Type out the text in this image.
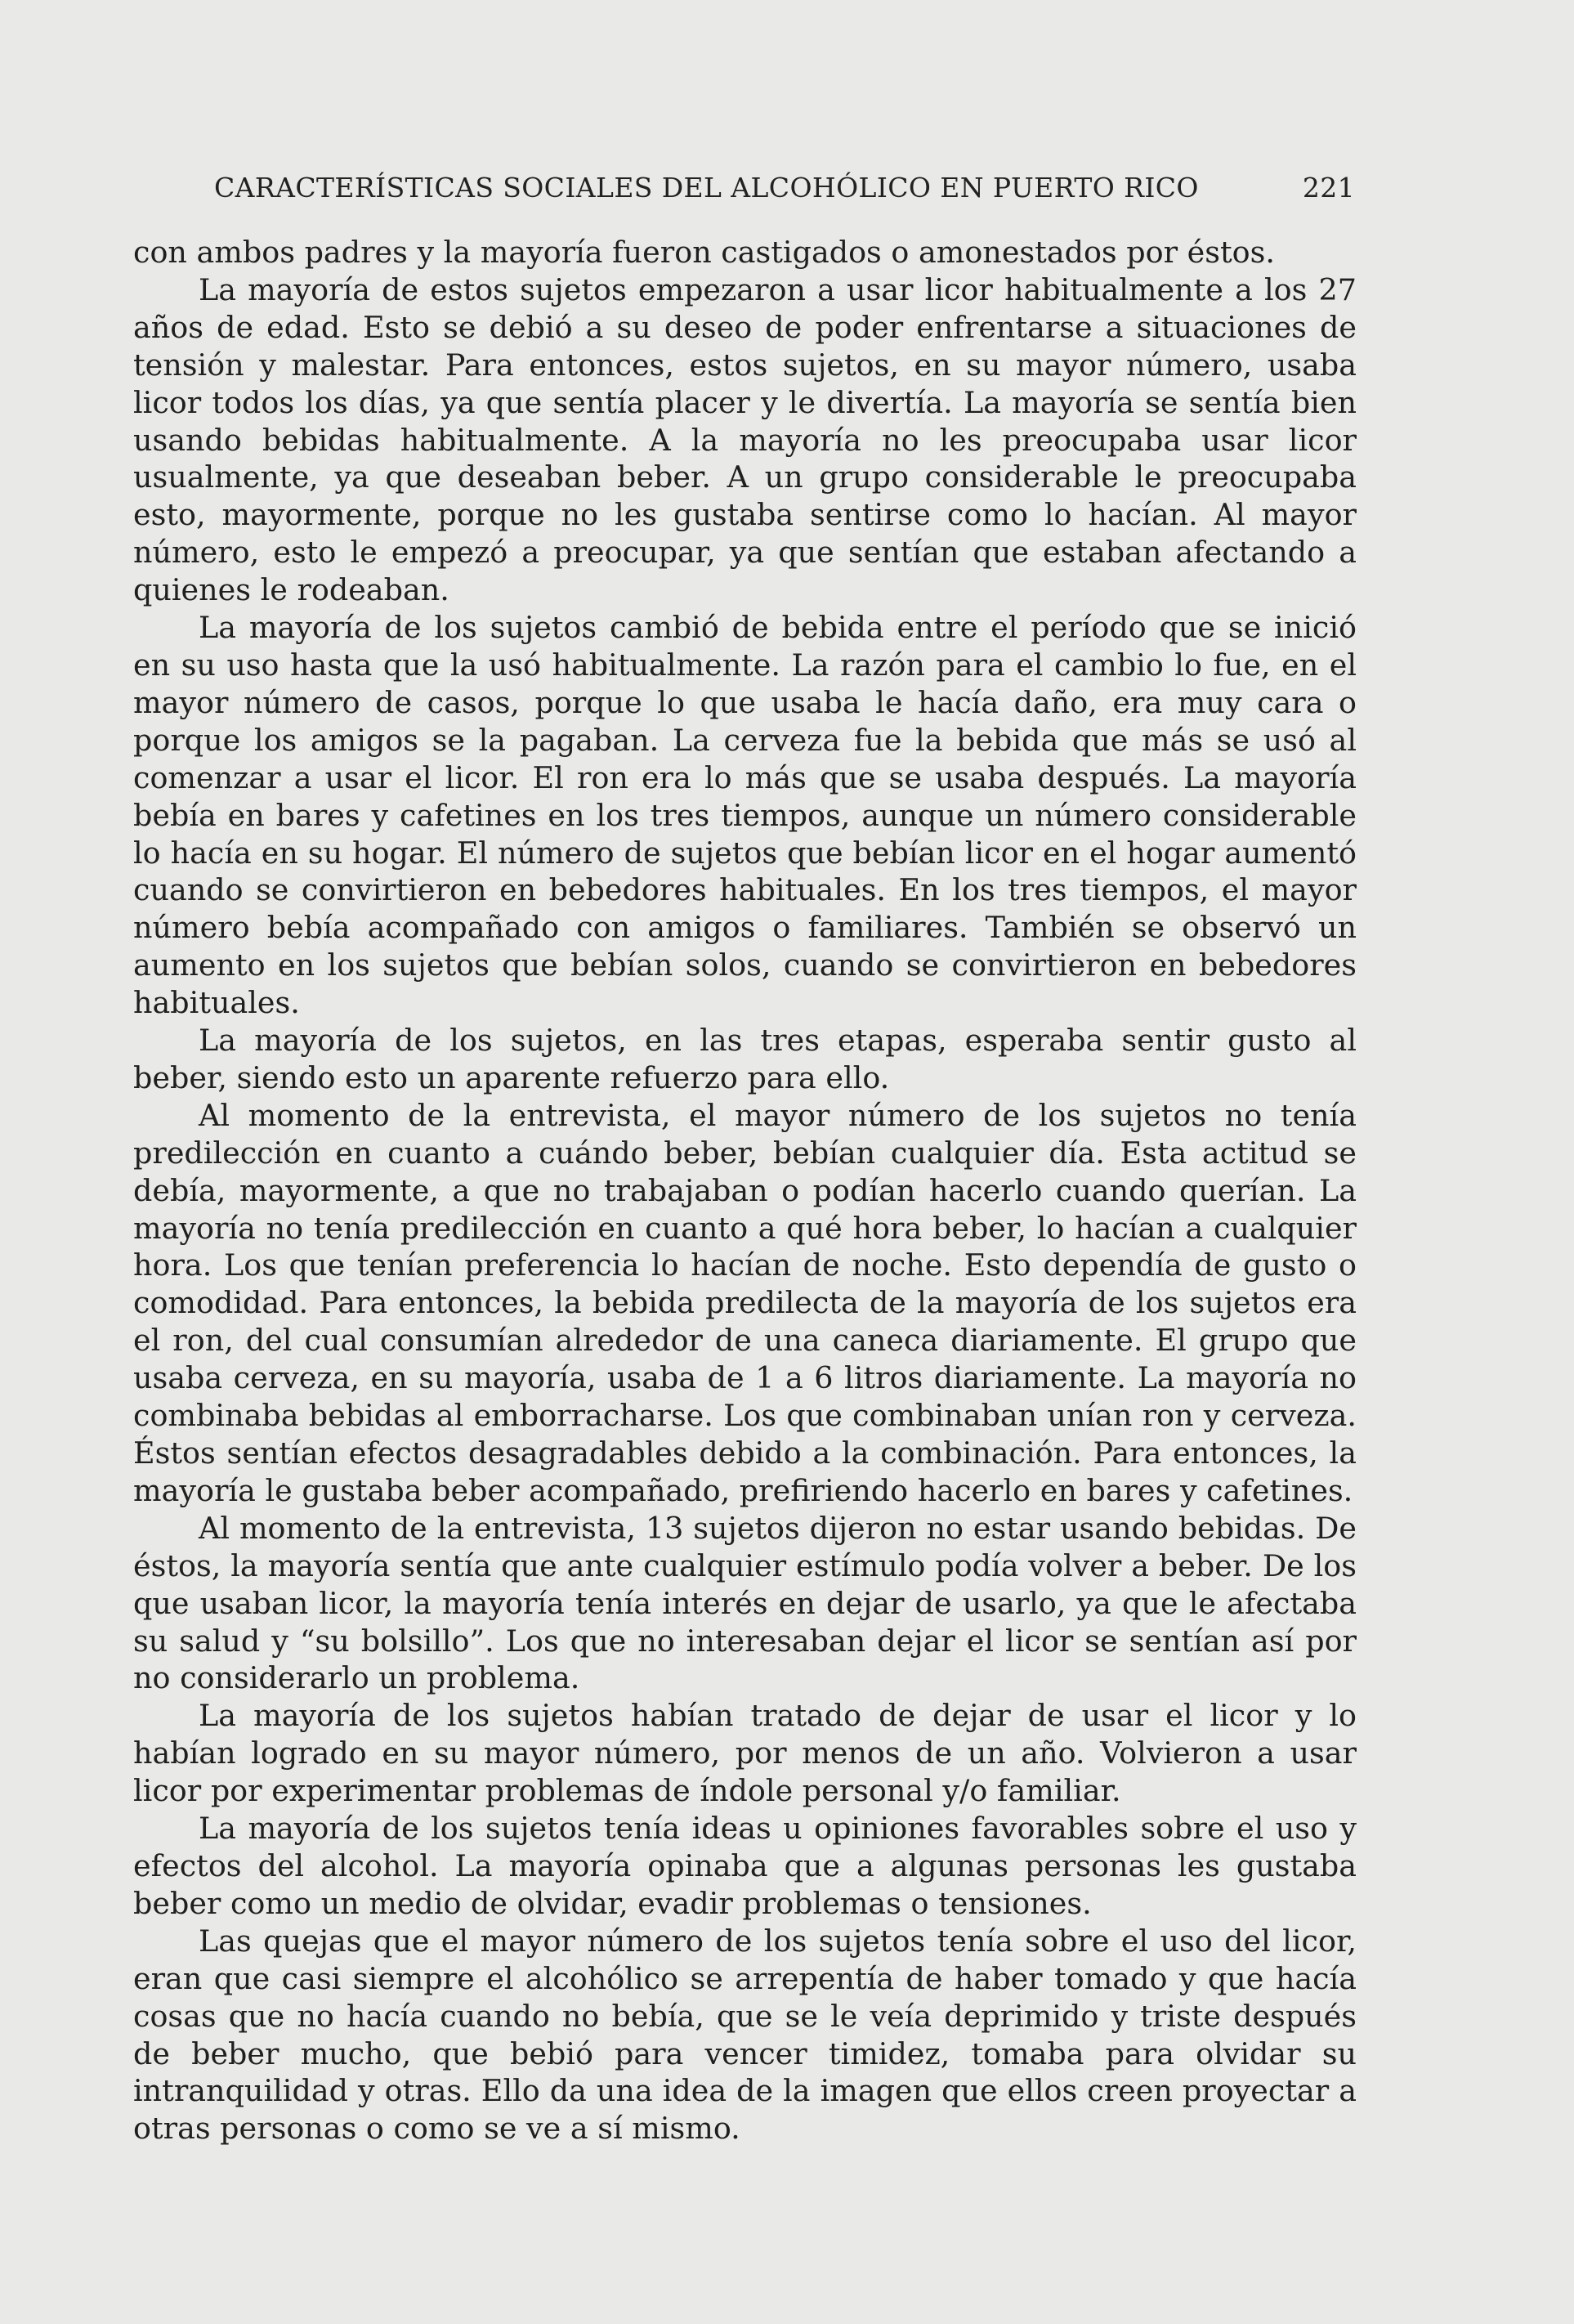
CARACTERÍSTICAS SOCIALES DEL ALCOHÓLICO EN PUERTO RICO	221

con ambos padres y la mayoría fueron castigados o amonestados por éstos.

La mayoría de estos sujetos empezaron a usar licor habitualmente a los 27 años de edad. Esto se debió a su deseo de poder enfrentarse a situaciones de tensión y malestar. Para entonces, estos sujetos, en su mayor número, usaba licor todos los días, ya que sentía placer y le divertía. La mayoría se sentía bien usando bebidas habitualmente. A la mayoría no les preocupaba usar licor usualmente, ya que deseaban beber. A un grupo considerable le preocupaba esto, mayormente, porque no les gustaba sentirse como lo hacían. Al mayor número, esto le empezó a preocupar, ya que sentían que estaban afectando a quienes le rodeaban.

La mayoría de los sujetos cambió de bebida entre el período que se inició en su uso hasta que la usó habitualmente. La razón para el cambio lo fue, en el mayor número de casos, porque lo que usaba le hacía daño, era muy cara o porque los amigos se la pagaban. La cerveza fue la bebida que más se usó al comenzar a usar el licor. El ron era lo más que se usaba después. La mayoría bebía en bares y cafetines en los tres tiempos, aunque un número considerable lo hacía en su hogar. El número de sujetos que bebían licor en el hogar aumentó cuando se convirtieron en bebedores habituales. En los tres tiempos, el mayor número bebía acompañado con amigos o familiares. También se observó un aumento en los sujetos que bebían solos, cuando se convirtieron en bebedores habituales.

La mayoría de los sujetos, en las tres etapas, esperaba sentir gusto al beber, siendo esto un aparente refuerzo para ello.

Al momento de la entrevista, el mayor número de los sujetos no tenía predilección en cuanto a cuándo beber, bebían cualquier día. Esta actitud se debía, mayormente, a que no trabajaban o podían hacerlo cuando querían. La mayoría no tenía predilección en cuanto a qué hora beber, lo hacían a cualquier hora. Los que tenían preferencia lo hacían de noche. Esto dependía de gusto o comodidad. Para entonces, la bebida predilecta de la mayoría de los sujetos era el ron, del cual consumían alrededor de una caneca diariamente. El grupo que usaba cerveza, en su mayoría, usaba de 1 a 6 litros diariamente. La mayoría no combinaba bebidas al emborracharse. Los que combinaban unían ron y cerveza. Éstos sentían efectos desagradables debido a la combinación. Para entonces, la mayoría le gustaba beber acompañado, prefiriendo hacerlo en bares y cafetines.

Al momento de la entrevista, 13 sujetos dijeron no estar usando bebidas. De éstos, la mayoría sentía que ante cualquier estímulo podía volver a beber. De los que usaban licor, la mayoría tenía interés en dejar de usarlo, ya que le afectaba su salud y “su bolsillo”. Los que no interesaban dejar el licor se sentían así por no considerarlo un problema.

La mayoría de los sujetos habían tratado de dejar de usar el licor y lo habían logrado en su mayor número, por menos de un año. Volvieron a usar licor por experimentar problemas de índole personal y/o familiar.

La mayoría de los sujetos tenía ideas u opiniones favorables sobre el uso y efectos del alcohol. La mayoría opinaba que a algunas personas les gustaba beber como un medio de olvidar, evadir problemas o tensiones.

Las quejas que el mayor número de los sujetos tenía sobre el uso del licor, eran que casi siempre el alcohólico se arrepentía de haber tomado y que hacía cosas que no hacía cuando no bebía, que se le veía deprimido y triste después de beber mucho, que bebió para vencer timidez, tomaba para olvidar su intranquilidad y otras. Ello da una idea de la imagen que ellos creen proyectar a otras personas o como se ve a sí mismo.
